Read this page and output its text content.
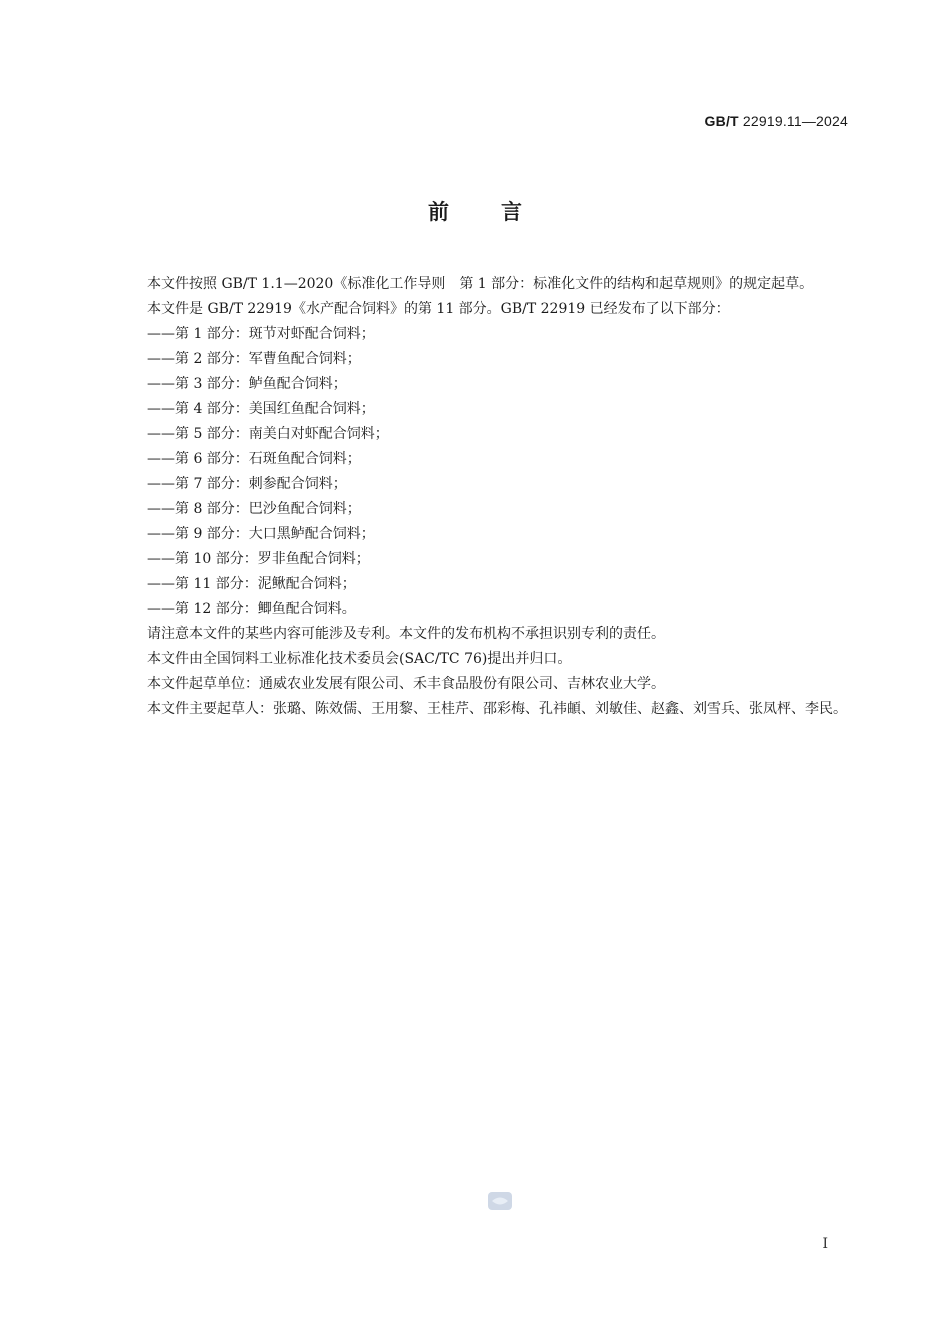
GB/T 22919.11—2024
前言

本文件按照 GB/T 1.1—2020《标准化工作导则　第 1 部分：标准化文件的结构和起草规则》的规定起草。

本文件是 GB/T 22919《水产配合饲料》的第 11 部分。GB/T 22919 已经发布了以下部分：

——第 1 部分：斑节对虾配合饲料；

——第 2 部分：军曹鱼配合饲料；

——第 3 部分：鲈鱼配合饲料；

——第 4 部分：美国红鱼配合饲料；

——第 5 部分：南美白对虾配合饲料；

——第 6 部分：石斑鱼配合饲料；

——第 7 部分：刺参配合饲料；

——第 8 部分：巴沙鱼配合饲料；

——第 9 部分：大口黑鲈配合饲料；

——第 10 部分：罗非鱼配合饲料；

——第 11 部分：泥鳅配合饲料；

——第 12 部分：鲫鱼配合饲料。

请注意本文件的某些内容可能涉及专利。本文件的发布机构不承担识别专利的责任。

本文件由全国饲料工业标准化技术委员会(SAC/TC 76)提出并归口。

本文件起草单位：通威农业发展有限公司、禾丰食品股份有限公司、吉林农业大学。

本文件主要起草人：张璐、陈效儒、王用黎、王桂芹、邵彩梅、孔祎頔、刘敏佳、赵鑫、刘雪兵、张凤枰、李民。

I
